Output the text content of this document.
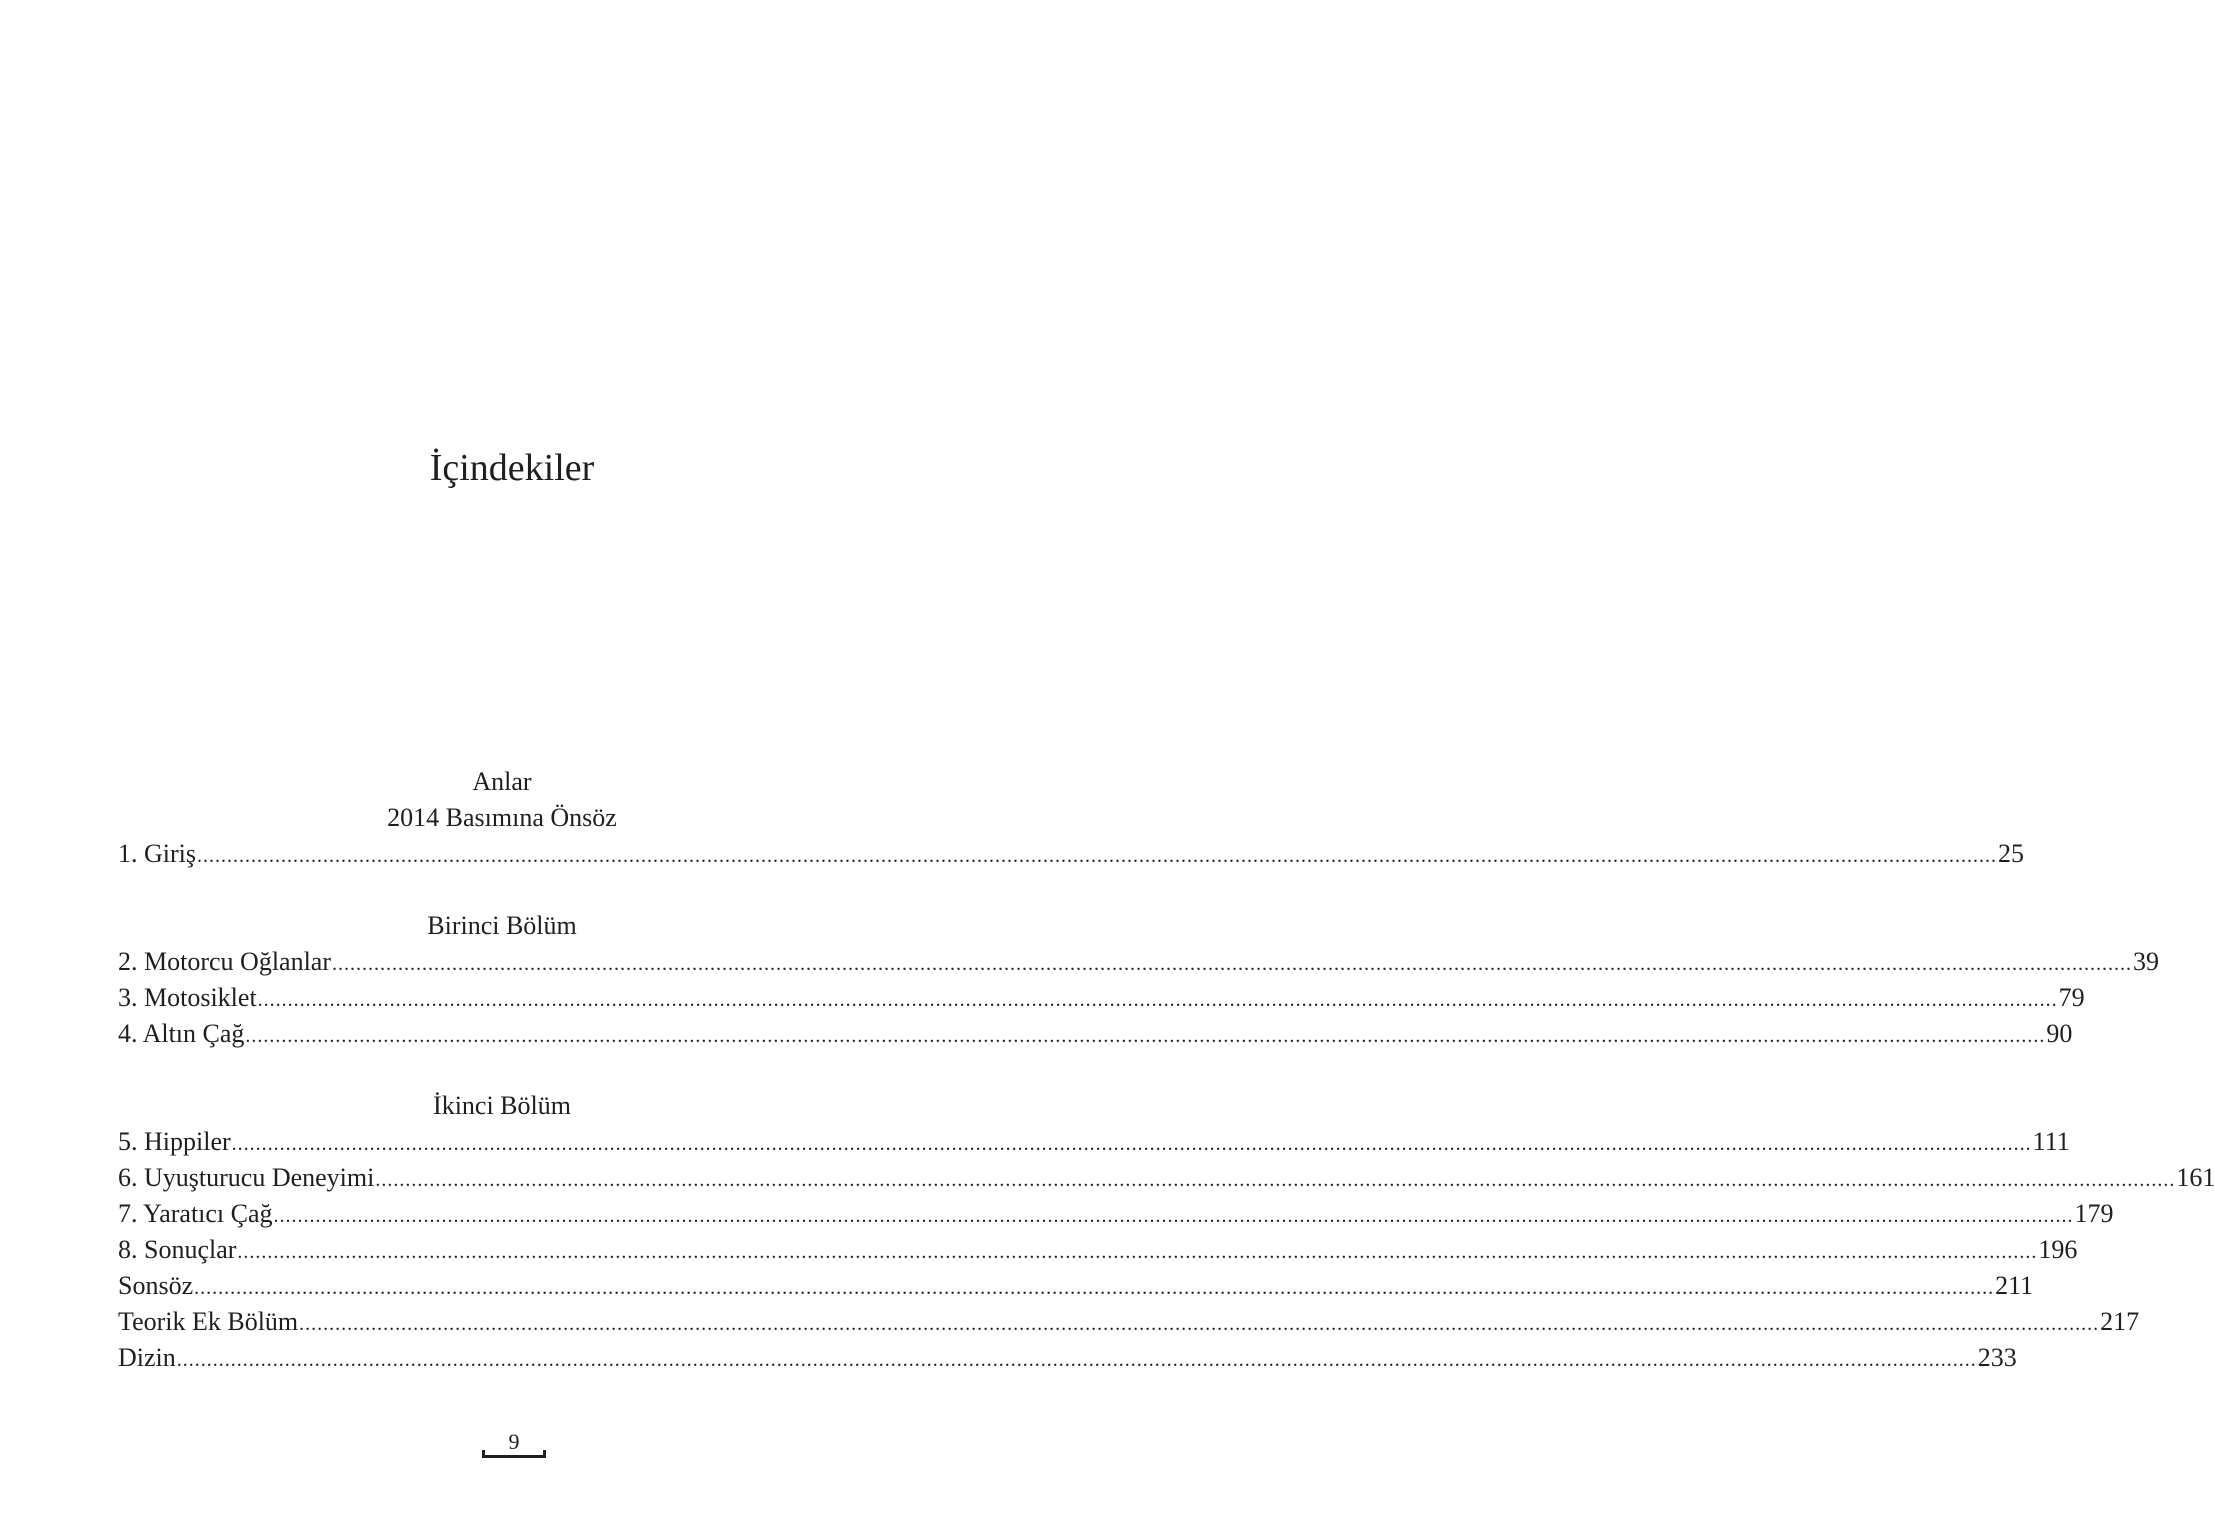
İçindekiler
Anlar
2014 Basımına Önsöz
1. Giriş ............................................................................................................................................................................................................................................................................................................ 25
Birinci Bölüm
2. Motorcu Oğlanlar ............................................................................................................................................................................................................................................................................................................ 39
3. Motosiklet ............................................................................................................................................................................................................................................................................................................ 79
4. Altın Çağ ............................................................................................................................................................................................................................................................................................................ 90
İkinci Bölüm
5. Hippiler ............................................................................................................................................................................................................................................................................................................ 111
6. Uyuşturucu Deneyimi ............................................................................................................................................................................................................................................................................................................ 161
7. Yaratıcı Çağ ............................................................................................................................................................................................................................................................................................................ 179
8. Sonuçlar ............................................................................................................................................................................................................................................................................................................ 196
Sonsöz ............................................................................................................................................................................................................................................................................................................ 211
Teorik Ek Bölüm ............................................................................................................................................................................................................................................................................................................ 217
Dizin ............................................................................................................................................................................................................................................................................................................ 233
9
